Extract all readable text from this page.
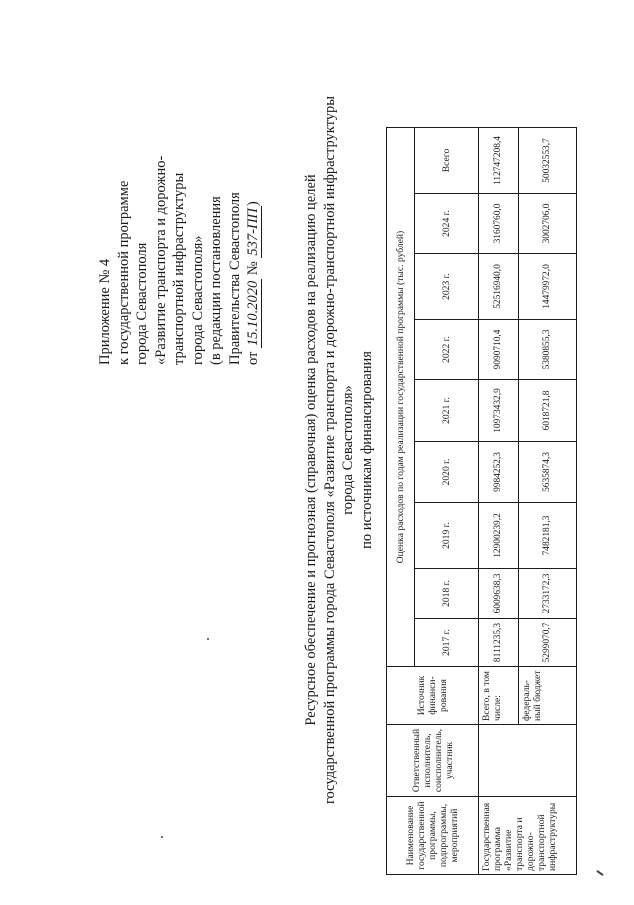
Приложение № 4 к государственной программе города Севастополя «Развитие транспорта и дорожно- транспортной инфраструктуры города Севастополя» (в редакции постановления Правительства Севастополя от 15.10.2020 № 537-ПП)	Ресурсное обеспечение и прогнозная (справочная) оценка расходов на реализацию целей государственной программы города Севастополя «Развитие транспорта и дорожно-транспортной инфраструктуры города Севастополя» по источникам финансирования
Наименование государственной программы, подпрограммы, мероприятий	Ответственный исполнитель, соисполнитель, участник	Источник финанси-рования	Оценка расходов по годам реализации государственной программы (тыс. рублей)								
			2017 г.	2018 г.	2019 г.	2020 г.	2021 г.	2022 г.	2023 г.	2024 г.	Всего
Государственная программа «Развитие транспорта и дорожно-транспортной инфраструктуры		Всего, в том числе:	8111235,3	6009638,3	12900239,2	9984252,3	10973432,9	9090710,4	52516940,0	3160760,0	112747208,4
		федераль-ный бюджет	5299070,7	2733172,3	7482181,3	5635874,3	6018721,8	5380855,3	14479972,0	3002706,0	50032553,7
